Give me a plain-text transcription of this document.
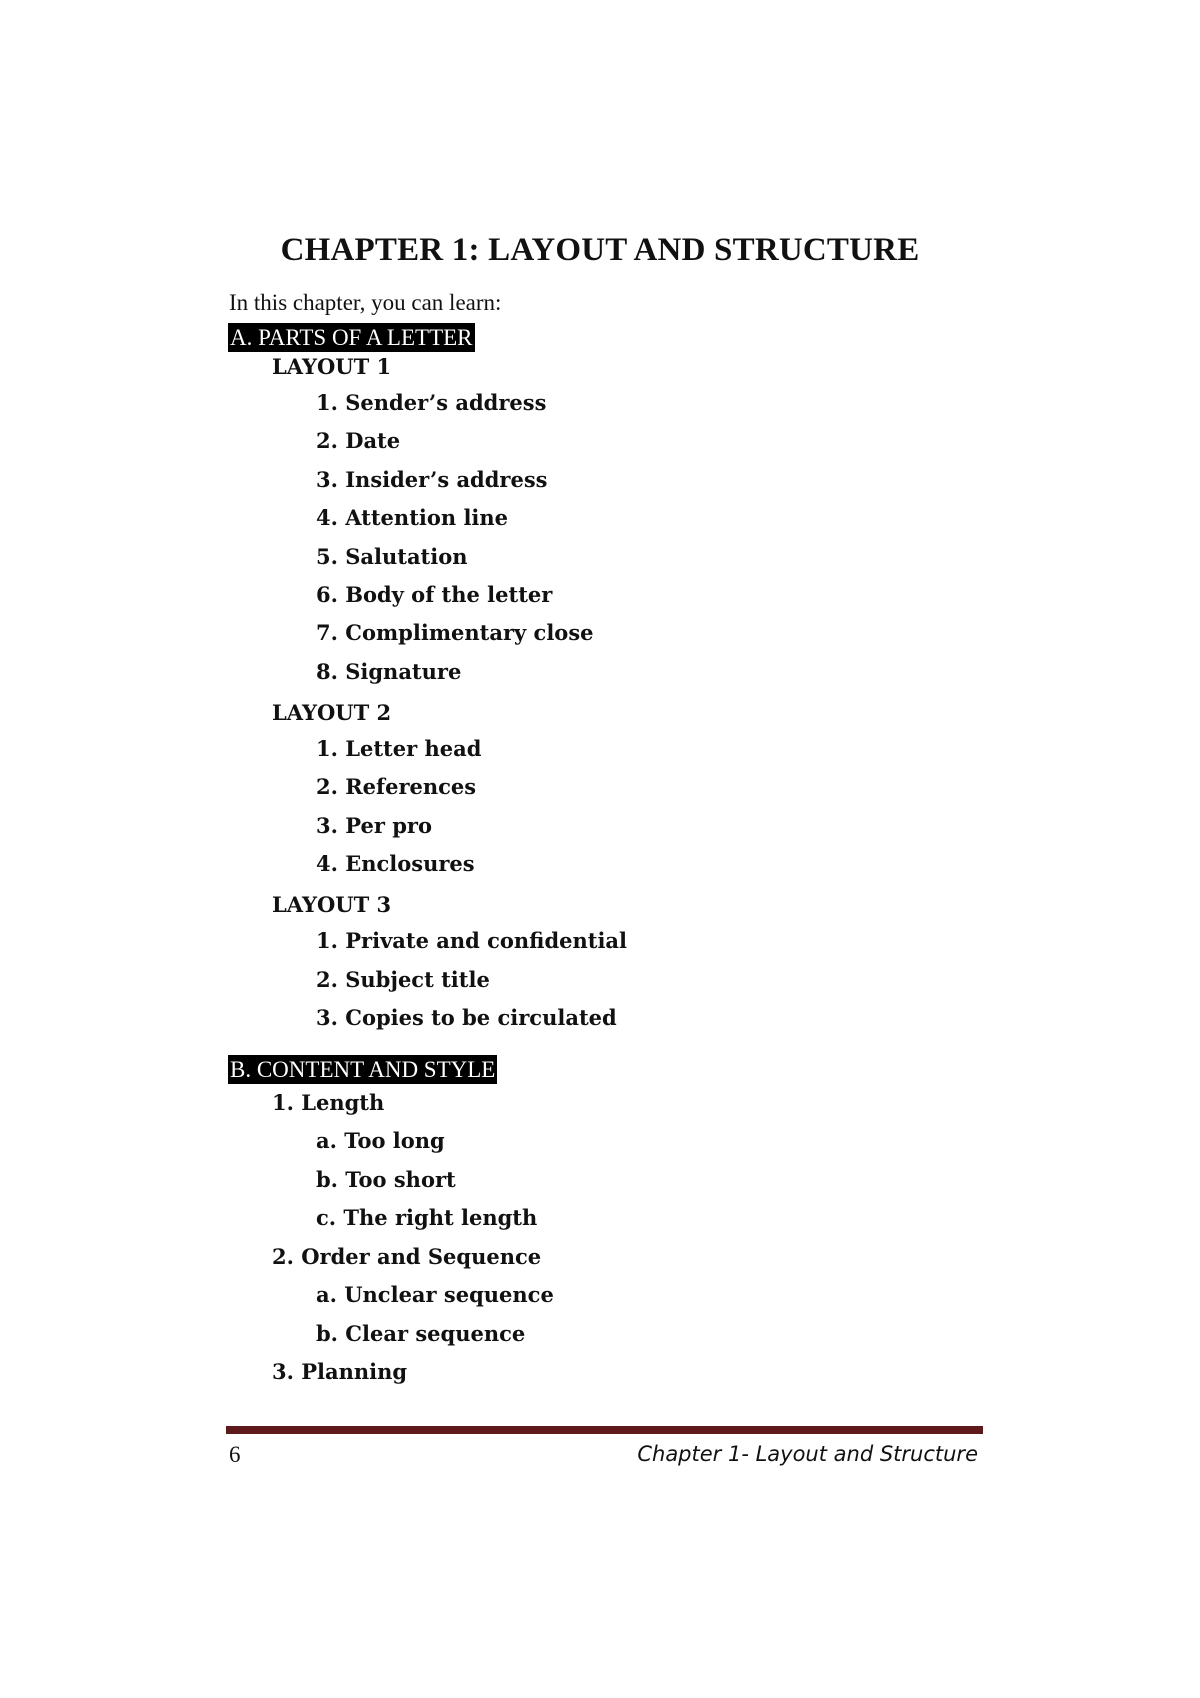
CHAPTER 1: LAYOUT AND STRUCTURE
In this chapter, you can learn:
A. PARTS OF A LETTER
LAYOUT 1
1. Sender’s address
2. Date
3. Insider’s address
4. Attention line
5. Salutation
6. Body of the letter
7. Complimentary close
8. Signature
LAYOUT 2
1. Letter head
2. References
3. Per pro
4. Enclosures
LAYOUT 3
1. Private and confidential
2. Subject title
3. Copies to be circulated
B. CONTENT AND STYLE
1. Length
a. Too long
b. Too short
c. The right length
2. Order and Sequence
a. Unclear sequence
b. Clear sequence
3. Planning
6	Chapter 1- Layout and Structure
